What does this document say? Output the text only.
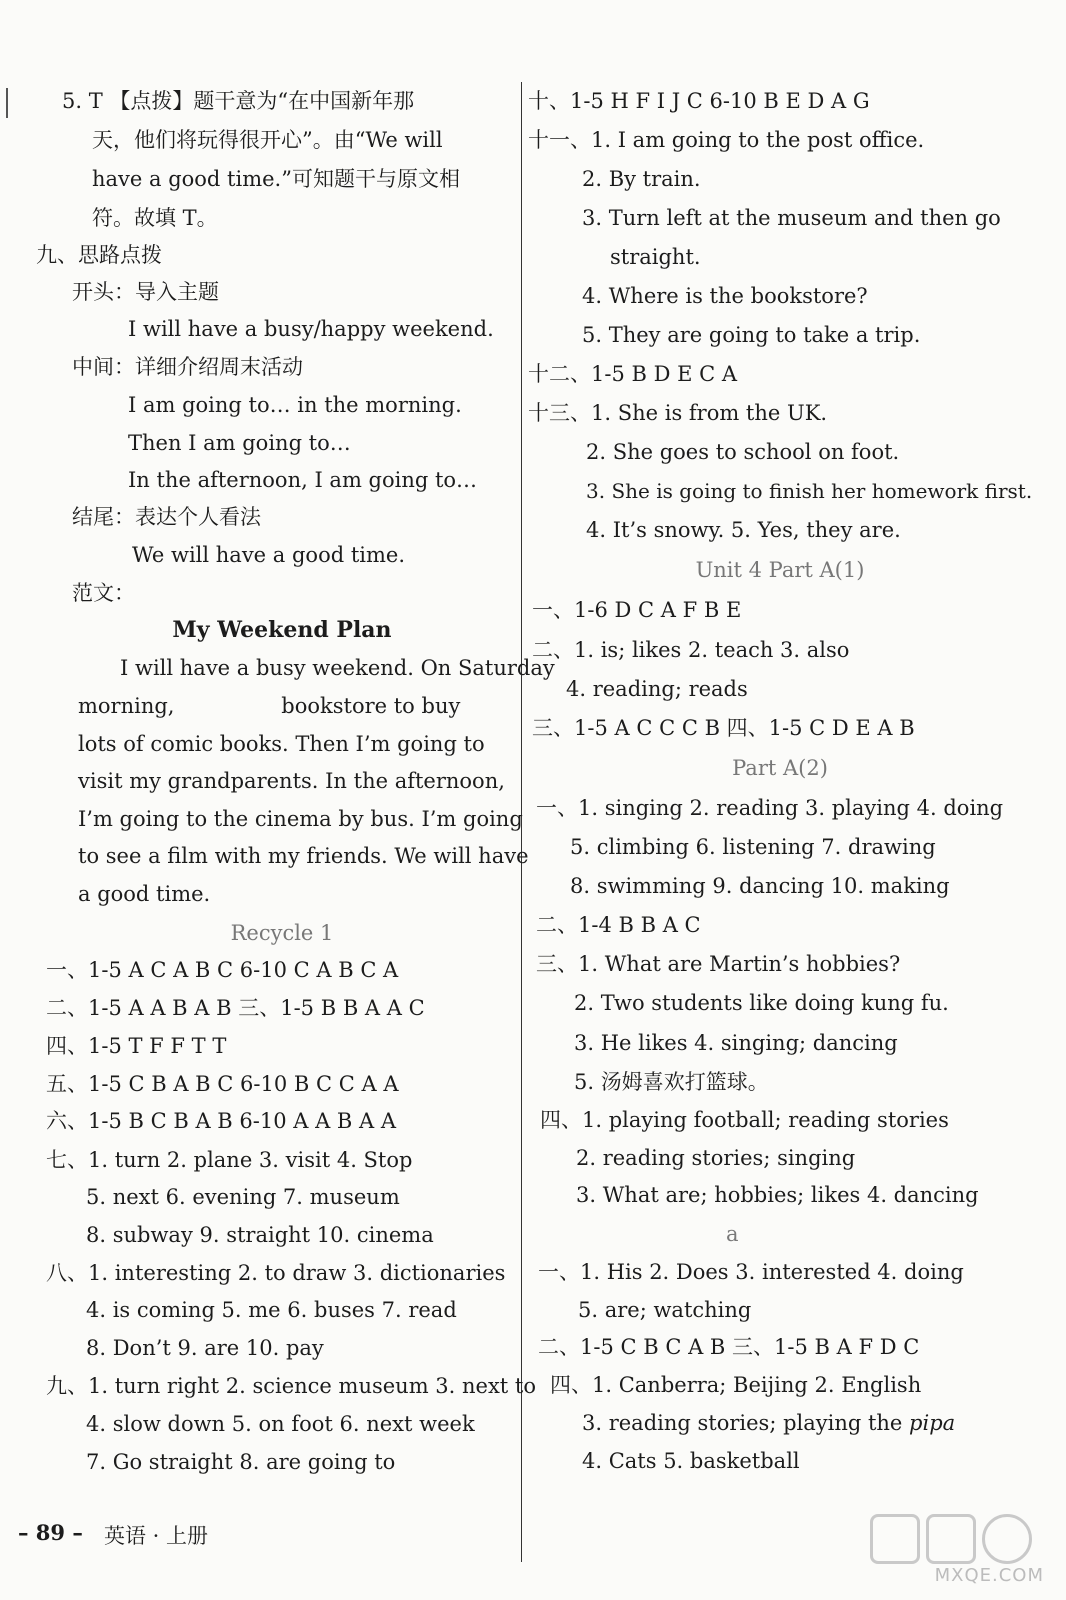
5. T 【点拨】题干意为“在中国新年那
天，他们将玩得很开心”。由“We will
have a good time.”可知题干与原文相
符。故填 T。
九、思路点拨
开头：导入主题
I will have a busy/happy weekend.
中间：详细介绍周末活动
I am going to… in the morning.
Then I am going to…
In the afternoon, I am going to…
结尾：表达个人看法
We will have a good time.
范文：
My Weekend Plan
I will have a busy weekend. On Saturday
morning,                bookstore to buy
lots of comic books. Then I’m going to
visit my grandparents. In the afternoon,
I’m going to the cinema by bus. I’m going
to see a film with my friends. We will have
a good time.
Recycle 1
一、1-5 A C A B C 6-10 C A B C A
二、1-5 A A B A B 三、1-5 B B A A C
四、1-5 T F F T T
五、1-5 C B A B C 6-10 B C C A A
六、1-5 B C B A B 6-10 A A B A A
七、1. turn 2. plane 3. visit 4. Stop
5. next 6. evening 7. museum
8. subway 9. straight 10. cinema
八、1. interesting 2. to draw 3. dictionaries
4. is coming 5. me 6. buses 7. read
8. Don’t 9. are 10. pay
九、1. turn right 2. science museum 3. next to
4. slow down 5. on foot 6. next week
7. Go straight 8. are going to
十、1-5 H F I J C 6-10 B E D A G
十一、1. I am going to the post office.
2. By train.
3. Turn left at the museum and then go
straight.
4. Where is the bookstore?
5. They are going to take a trip.
十二、1-5 B D E C A
十三、1. She is from the UK.
2. She goes to school on foot.
3. She is going to finish her homework first.
4. It’s snowy. 5. Yes, they are.
Unit 4 Part A(1)
一、1-6 D C A F B E
二、1. is; likes 2. teach 3. also
4. reading; reads
三、1-5 A C C C B 四、1-5 C D E A B
Part A(2)
一、1. singing 2. reading 3. playing 4. doing
5. climbing 6. listening 7. drawing
8. swimming 9. dancing 10. making
二、1-4 B B A C
三、1. What are Martin’s hobbies?
2. Two students like doing kung fu.
3. He likes 4. singing; dancing
5. 汤姆喜欢打篮球。
四、1. playing football; reading stories
2. reading stories; singing
3. What are; hobbies; likes 4. dancing
a
一、1. His 2. Does 3. interested 4. doing
5. are; watching
二、1-5 C B C A B 三、1-5 B A F D C
四、1. Canberra; Beijing 2. English
3. reading stories; playing the pipa
4. Cats 5. basketball
– 89 – 英语 · 上册
MXQE.COM
